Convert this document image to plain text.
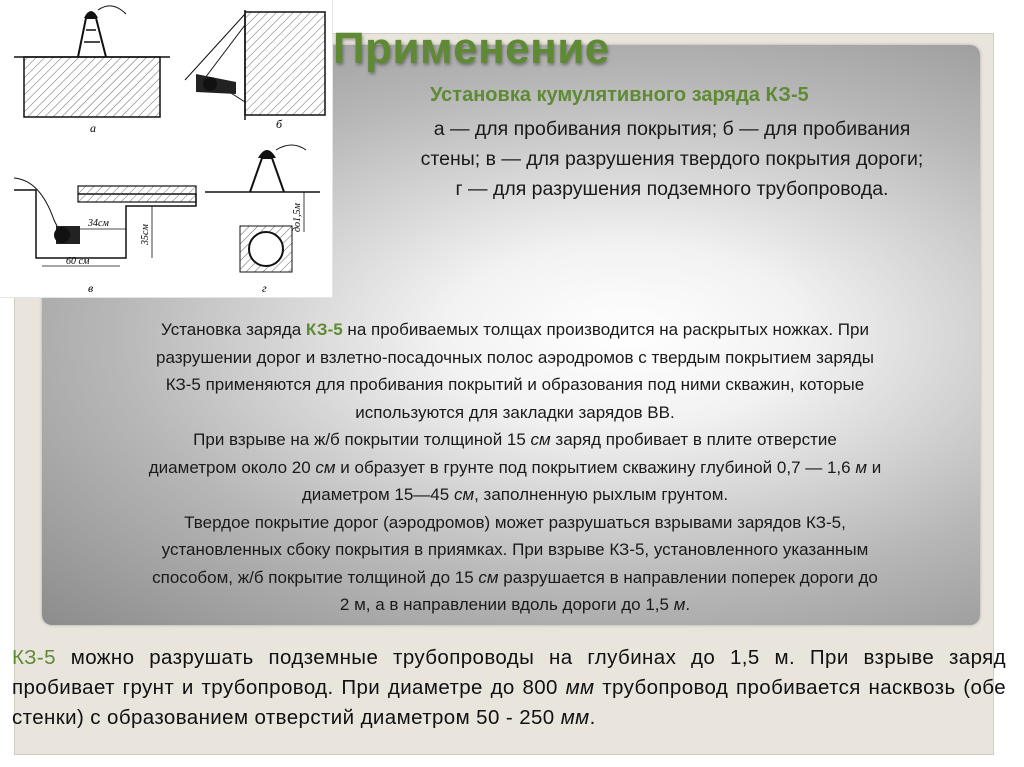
а	б
34см
35см
60 см
в
до1,5м
г
Применение
Установка кумулятивного заряда КЗ-5
а — для пробивания покрытия; б — для пробивания
стены; в — для разрушения твердого покрытия дороги;
г — для разрушения подземного трубопровода.
Установка заряда КЗ-5 на пробиваемых толщах производится на раскрытых ножках. При
разрушении дорог и взлетно-посадочных полос аэродромов с твердым покрытием заряды
КЗ-5 применяются для пробивания покрытий и образования под ними скважин, которые
используются для закладки зарядов ВВ.
При взрыве на ж/б покрытии толщиной 15 см заряд пробивает в плите отверстие
диаметром около 20 см и образует в грунте под покрытием скважину глубиной 0,7 — 1,6 м и
диаметром 15—45 см, заполненную рыхлым грунтом.
Твердое покрытие дорог (аэродромов) может разрушаться взрывами зарядов КЗ-5,
установленных сбоку покрытия в приямках. При взрыве КЗ-5, установленного указанным
способом, ж/б покрытие толщиной до 15 см разрушается в направлении поперек дороги до
2 м, а в направлении вдоль дороги до 1,5 м.
КЗ-5 можно разрушать подземные трубопроводы на глубинах до 1,5 м. При взрыве заряд пробивает грунт и трубопровод. При диаметре до 800 мм трубопровод пробивается насквозь (обе стенки) с образованием отверстий диаметром 50 - 250 мм.
